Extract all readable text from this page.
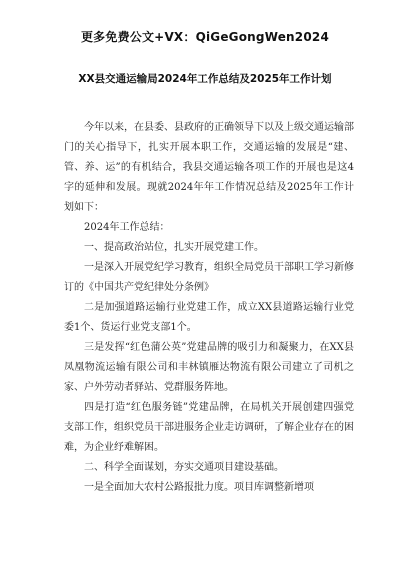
更多免费公文+VX：QiGeGongWen2024
XX县交通运输局2024年工作总结及2025年工作计划

今年以来，在县委、县政府的正确领导下以及上级交通运输部门的关心指导下，扎实开展本职工作，交通运输的发展是“建、管、养、运”的有机结合，我县交通运输各项工作的开展也是这4字的延伸和发展。现就2024年年工作情况总结及2025年工作计划如下：

2024年工作总结：

一、提高政治站位，扎实开展党建工作。

一是深入开展党纪学习教育，组织全局党员干部职工学习新修订的《中国共产党纪律处分条例》

二是加强道路运输行业党建工作，成立XX县道路运输行业党委1个、货运行业党支部1个。

三是发挥“红色蒲公英”党建品牌的吸引力和凝聚力，在XX县凤凰物流运输有限公司和丰林镇雁达物流有限公司建立了司机之家、户外劳动者驿站、党群服务阵地。

四是打造“红色服务链”党建品牌，在局机关开展创建四强党支部工作，组织党员干部进服务企业走访调研，了解企业存在的困难，为企业纾难解困。

二、科学全面谋划，夯实交通项目建设基础。

一是全面加大农村公路报批力度。项目库调整新增项
